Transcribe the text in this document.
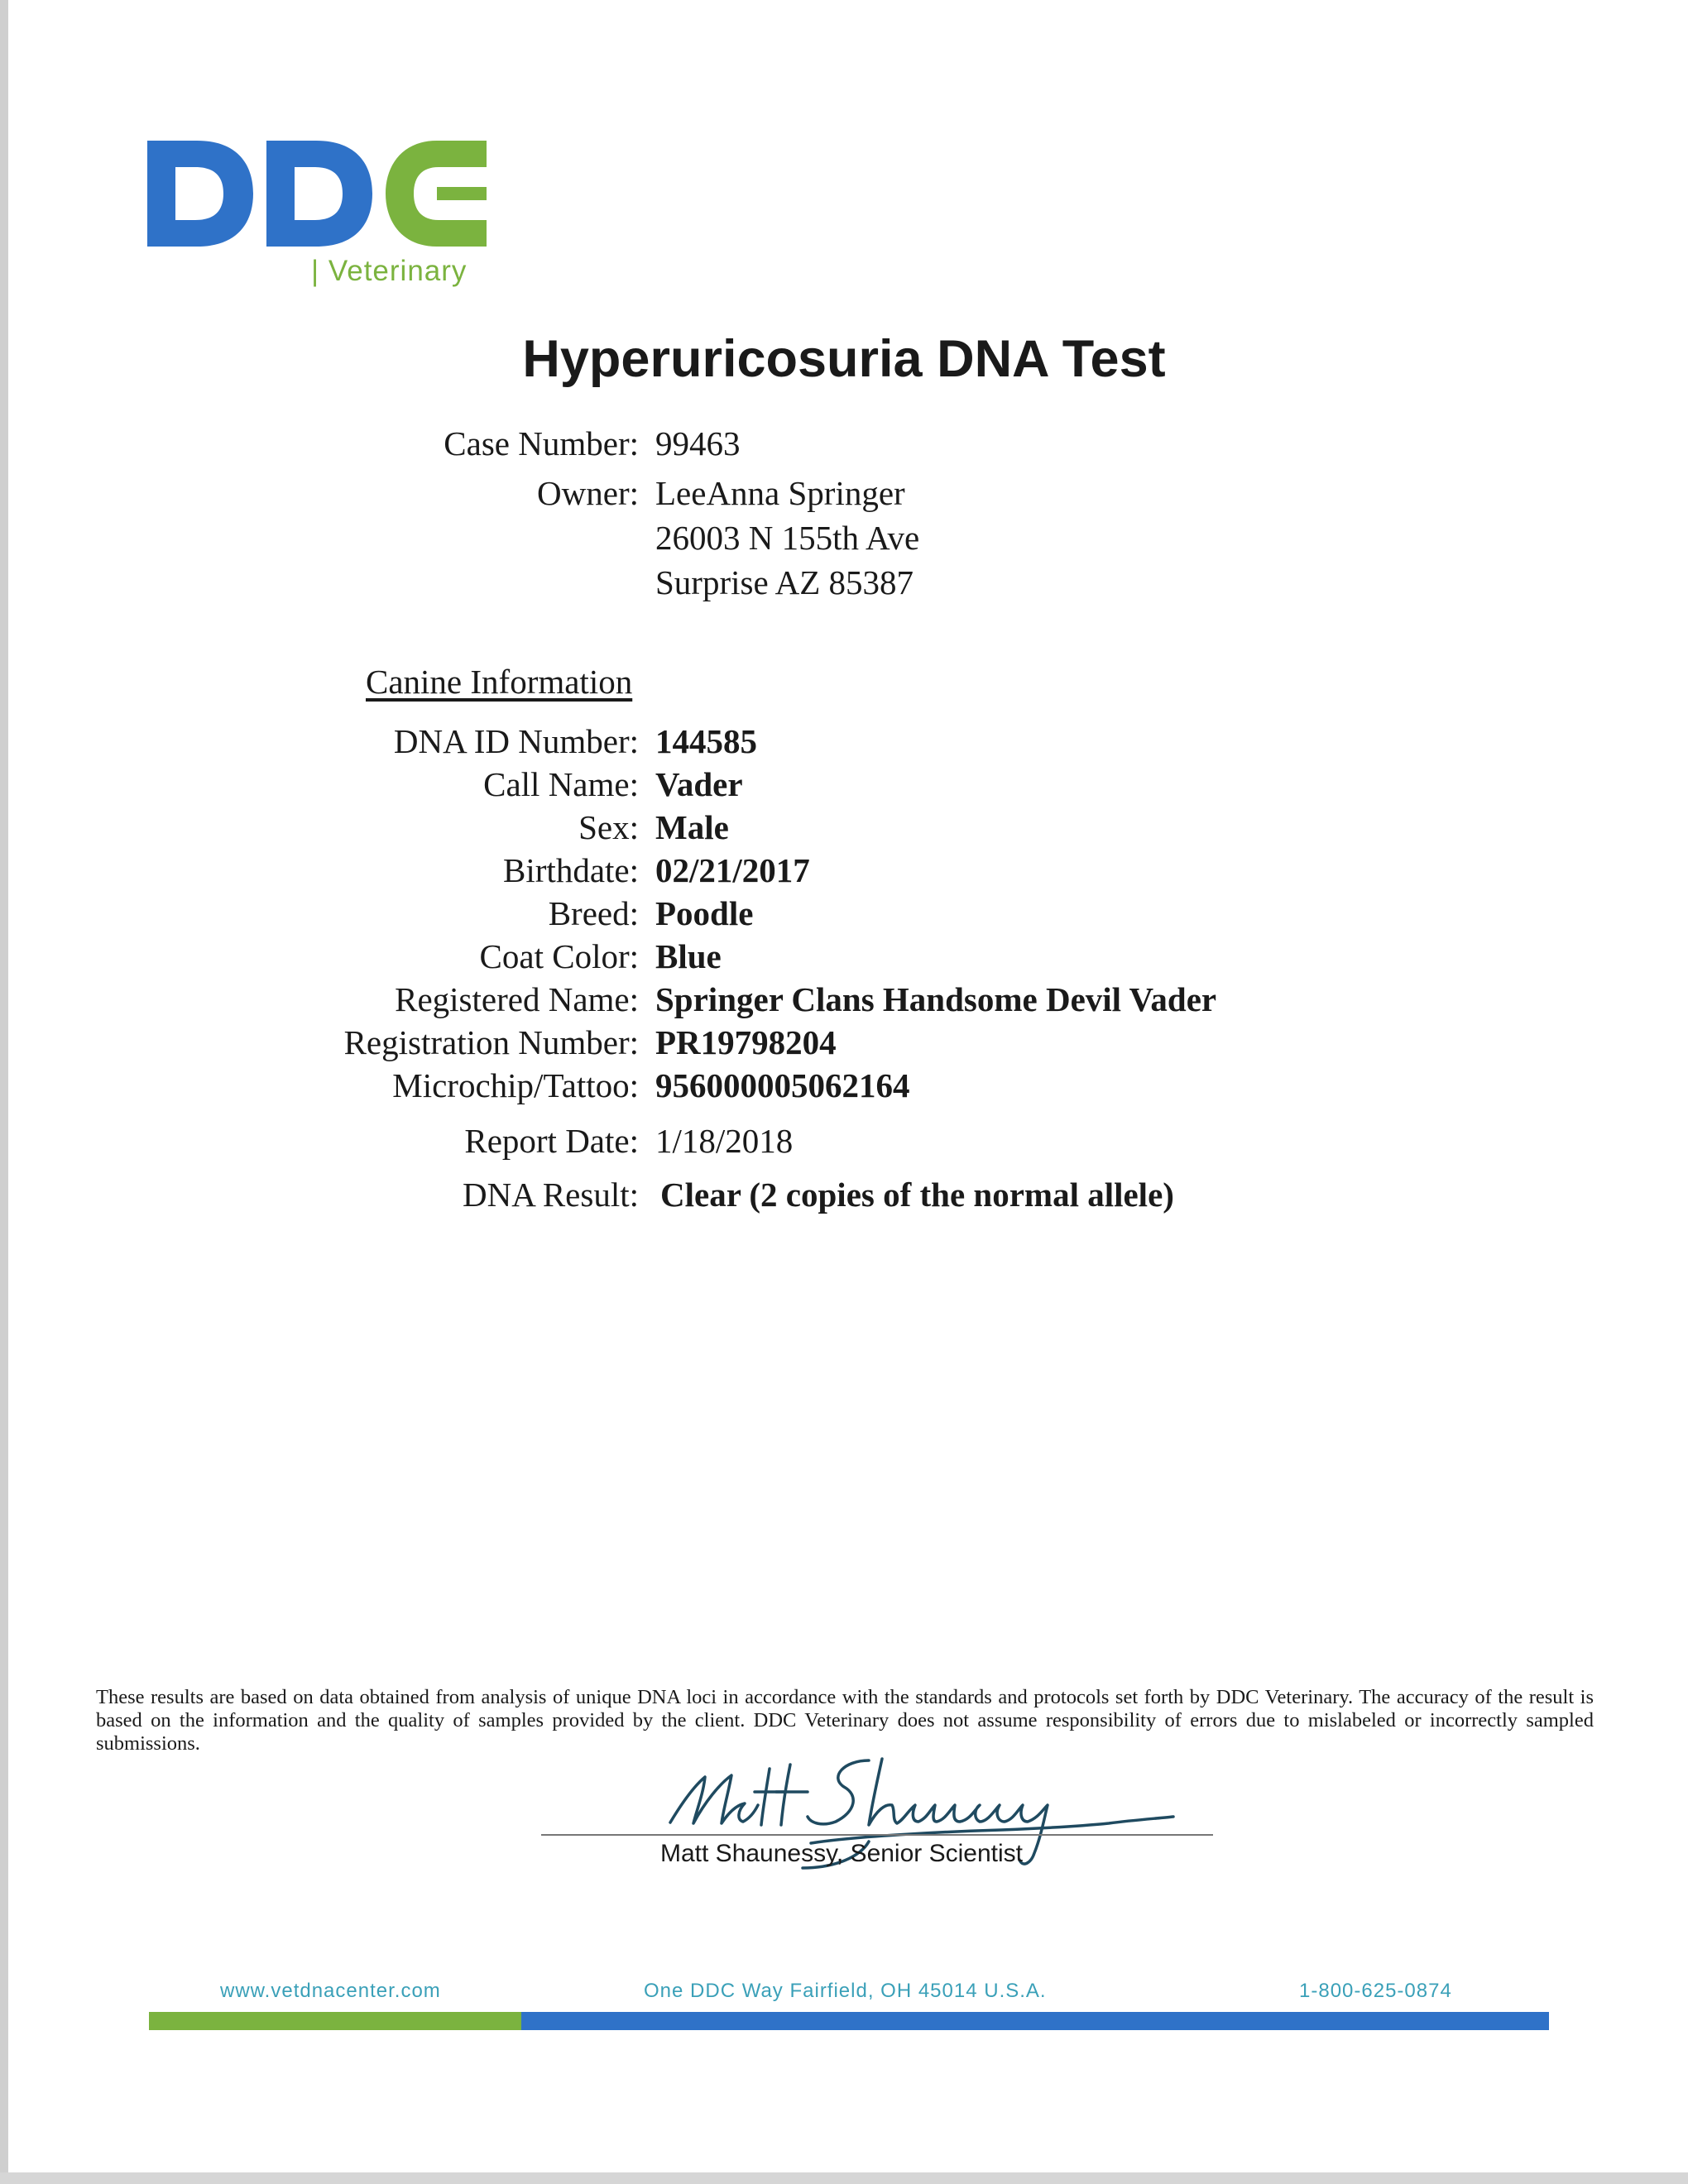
| Veterinary
Hyperuricosuria DNA Test
Case Number: 99463
Owner: LeeAnna Springer
26003 N 155th Ave
Surprise AZ 85387
Canine Information
DNA ID Number: 144585
Call Name: Vader
Sex: Male
Birthdate: 02/21/2017
Breed: Poodle
Coat Color: Blue
Registered Name: Springer Clans Handsome Devil Vader
Registration Number: PR19798204
Microchip/Tattoo: 956000005062164
Report Date: 1/18/2018
DNA Result: Clear (2 copies of the normal allele)
These results are based on data obtained from analysis of unique DNA loci in accordance with the standards and protocols set forth by DDC Veterinary. The accuracy of the result is based on the information and the quality of samples provided by the client. DDC Veterinary does not assume responsibility of errors due to mislabeled or incorrectly sampled submissions.
Matt Shaunessy, Senior Scientist
www.vetdnacenter.com	One DDC Way Fairfield, OH 45014 U.S.A.	1-800-625-0874
